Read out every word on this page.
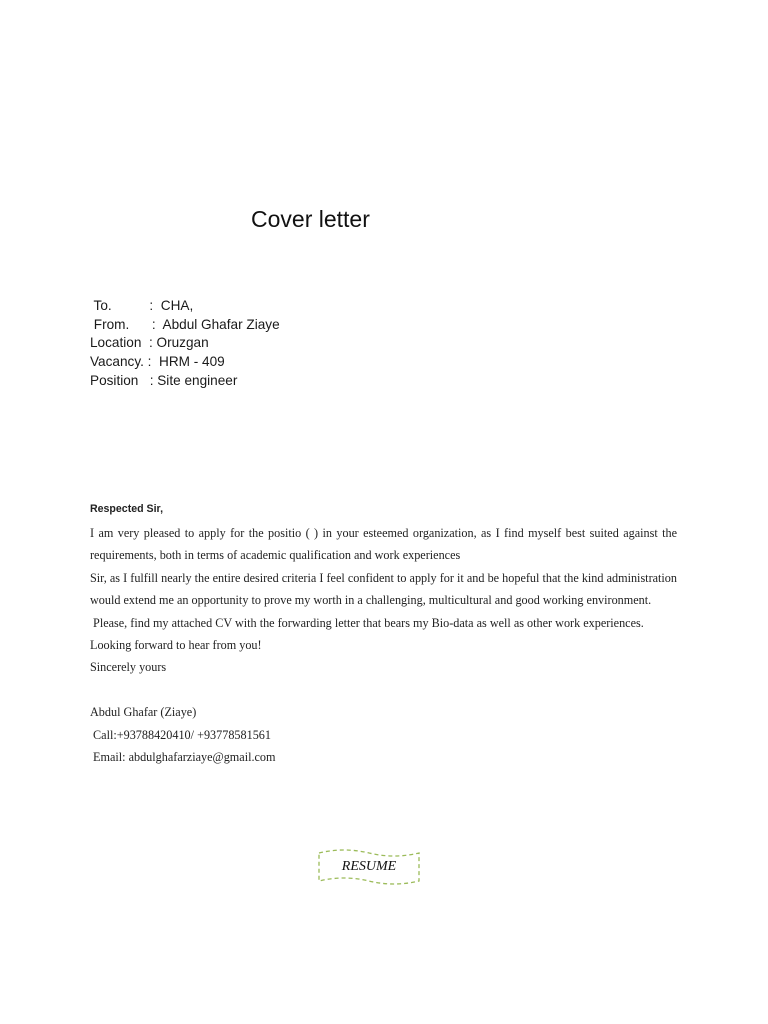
Cover letter
To.          :  CHA,
From.      :  Abdul Ghafar Ziaye
Location  : Oruzgan
Vacancy. :  HRM - 409
Position   : Site engineer
Respected Sir,
I am very pleased to apply for the positio ( ) in your esteemed organization, as I find myself best suited against the requirements, both in terms of academic qualification and work experiences
Sir, as I fulfill nearly the entire desired criteria I feel confident to apply for it and be hopeful that the kind administration would extend me an opportunity to prove my worth in a challenging, multicultural and good working environment.
Please, find my attached CV with the forwarding letter that bears my Bio-data as well as other work experiences.
Looking forward to hear from you!
Sincerely yours
Abdul Ghafar (Ziaye)
Call:+93788420410/ +93778581561
Email: abdulghafarziaye@gmail.com
RESUME
